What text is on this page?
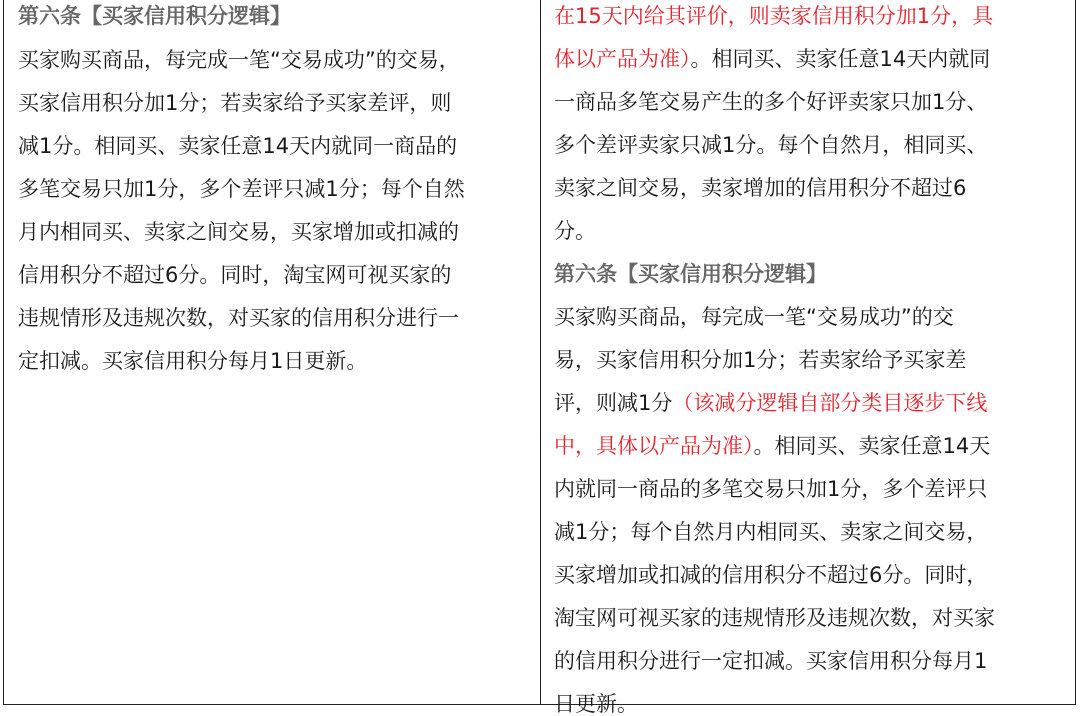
第六条【买家信用积分逻辑】
买家购买商品，每完成一笔“交易成功”的交易，
买家信用积分加1分；若卖家给予买家差评，则
减1分。相同买、卖家任意14天内就同一商品的
多笔交易只加1分，多个差评只减1分；每个自然
月内相同买、卖家之间交易，买家增加或扣减的
信用积分不超过6分。同时，淘宝网可视买家的
违规情形及违规次数，对买家的信用积分进行一
定扣减。买家信用积分每月1日更新。
在15天内给其评价，则卖家信用积分加1分，具
体以产品为准）。相同买、卖家任意14天内就同
一商品多笔交易产生的多个好评卖家只加1分、
多个差评卖家只减1分。每个自然月，相同买、
卖家之间交易，卖家增加的信用积分不超过6
分。
第六条【买家信用积分逻辑】
买家购买商品，每完成一笔“交易成功”的交
易，买家信用积分加1分；若卖家给予买家差
评，则减1分（该减分逻辑自部分类目逐步下线
中，具体以产品为准）。相同买、卖家任意14天
内就同一商品的多笔交易只加1分，多个差评只
减1分；每个自然月内相同买、卖家之间交易，
买家增加或扣减的信用积分不超过6分。同时，
淘宝网可视买家的违规情形及违规次数，对买家
的信用积分进行一定扣减。买家信用积分每月1
日更新。
